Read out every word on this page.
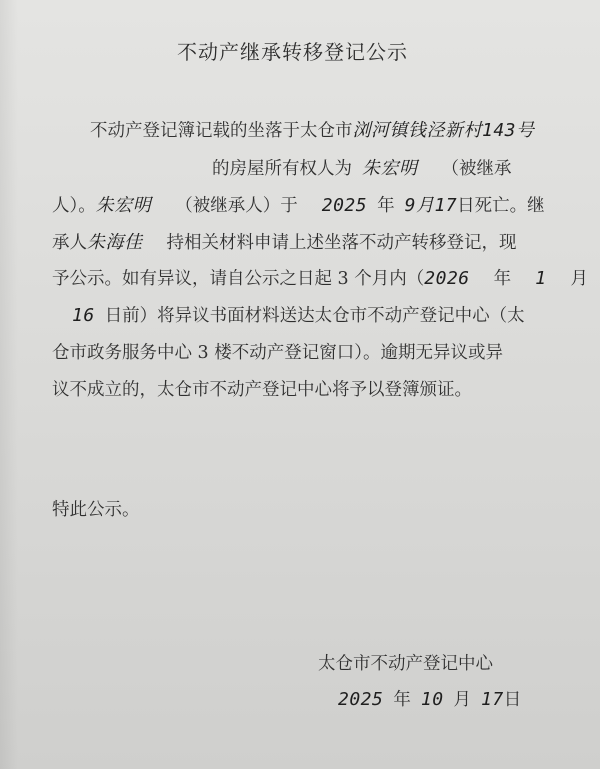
不动产继承转移登记公示
不动产登记簿记载的坐落于太仓市浏河镇钱泾新村143号
的房屋所有权人为 朱宏明 （被继承
人）。朱宏明 （被继承人）于 2025 年 9月17日死亡。继
承人朱海佳 持相关材料申请上述坐落不动产转移登记，现
予公示。如有异议，请自公示之日起 3 个月内（2026 年 1 月
16 日前）将异议书面材料送达太仓市不动产登记中心（太
仓市政务服务中心 3 楼不动产登记窗口）。逾期无异议或异
议不成立的，太仓市不动产登记中心将予以登簿颁证。
特此公示。
太仓市不动产登记中心
2025 年 10 月 17日
